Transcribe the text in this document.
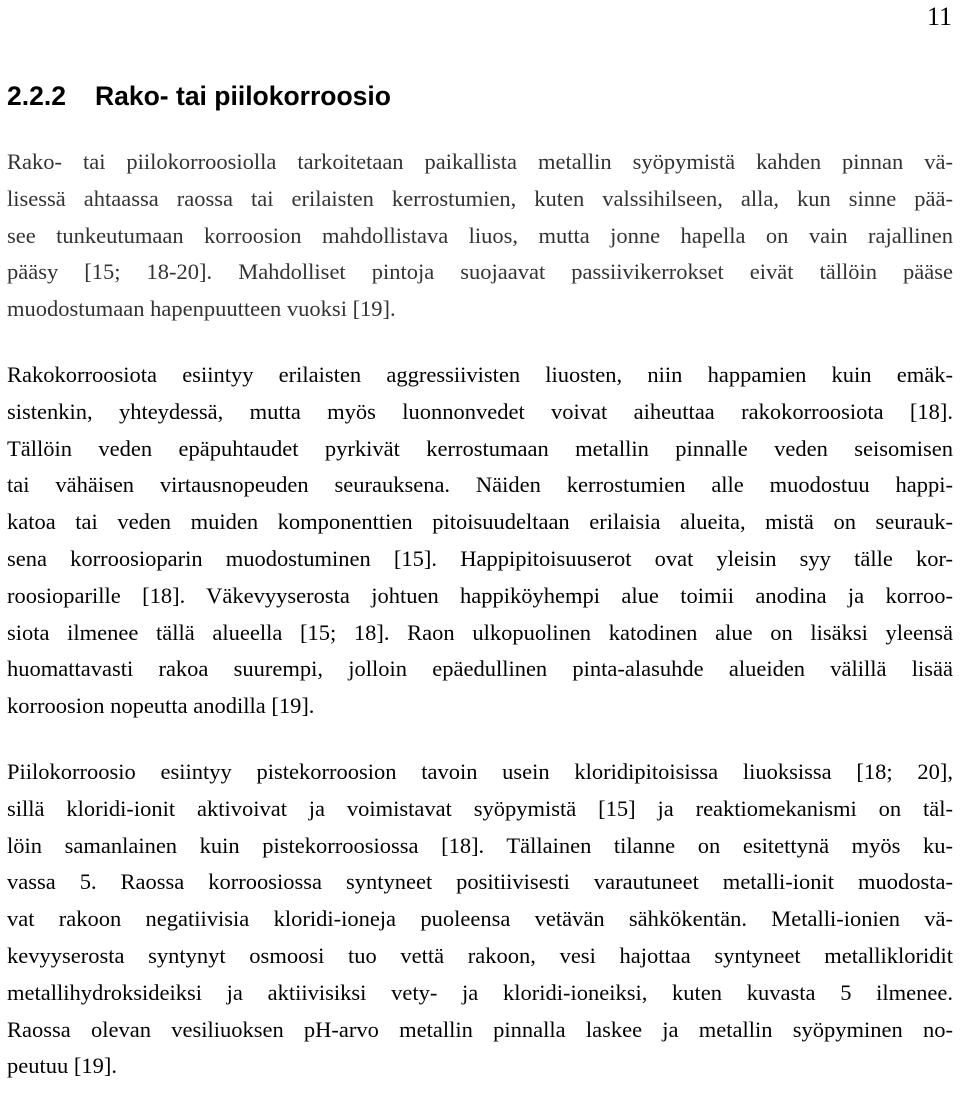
11
2.2.2 Rako- tai piilokorroosio
Rako- tai piilokorroosiolla tarkoitetaan paikallista metallin syöpymistä kahden pinnan vä-
lisessä ahtaassa raossa tai erilaisten kerrostumien, kuten valssihilseen, alla, kun sinne pää-
see tunkeutumaan korroosion mahdollistava liuos, mutta jonne hapella on vain rajallinen
pääsy [15; 18-20]. Mahdolliset pintoja suojaavat passiivikerrokset eivät tällöin pääse
muodostumaan hapenpuutteen vuoksi [19].
Rakokorroosiota esiintyy erilaisten aggressiivisten liuosten, niin happamien kuin emäk-
sistenkin, yhteydessä, mutta myös luonnonvedet voivat aiheuttaa rakokorroosiota [18].
Tällöin veden epäpuhtaudet pyrkivät kerrostumaan metallin pinnalle veden seisomisen
tai vähäisen virtausnopeuden seurauksena. Näiden kerrostumien alle muodostuu happi-
katoa tai veden muiden komponenttien pitoisuudeltaan erilaisia alueita, mistä on seurauk-
sena korroosioparin muodostuminen [15]. Happipitoisuuserot ovat yleisin syy tälle kor-
roosioparille [18]. Väkevyyserosta johtuen happiköyhempi alue toimii anodina ja korroo-
siota ilmenee tällä alueella [15; 18]. Raon ulkopuolinen katodinen alue on lisäksi yleensä
huomattavasti rakoa suurempi, jolloin epäedullinen pinta-alasuhde alueiden välillä lisää
korroosion nopeutta anodilla [19].
Piilokorroosio esiintyy pistekorroosion tavoin usein kloridipitoisissa liuoksissa [18; 20],
sillä kloridi-ionit aktivoivat ja voimistavat syöpymistä [15] ja reaktiomekanismi on täl-
löin samanlainen kuin pistekorroosiossa [18]. Tällainen tilanne on esitettynä myös ku-
vassa 5. Raossa korroosiossa syntyneet positiivisesti varautuneet metalli-ionit muodosta-
vat rakoon negatiivisia kloridi-ioneja puoleensa vetävän sähkökentän. Metalli-ionien vä-
kevyyserosta syntynyt osmoosi tuo vettä rakoon, vesi hajottaa syntyneet metallikloridit
metallihydroksideiksi ja aktiivisiksi vety- ja kloridi-ioneiksi, kuten kuvasta 5 ilmenee.
Raossa olevan vesiliuoksen pH-arvo metallin pinnalla laskee ja metallin syöpyminen no-
peutuu [19].
